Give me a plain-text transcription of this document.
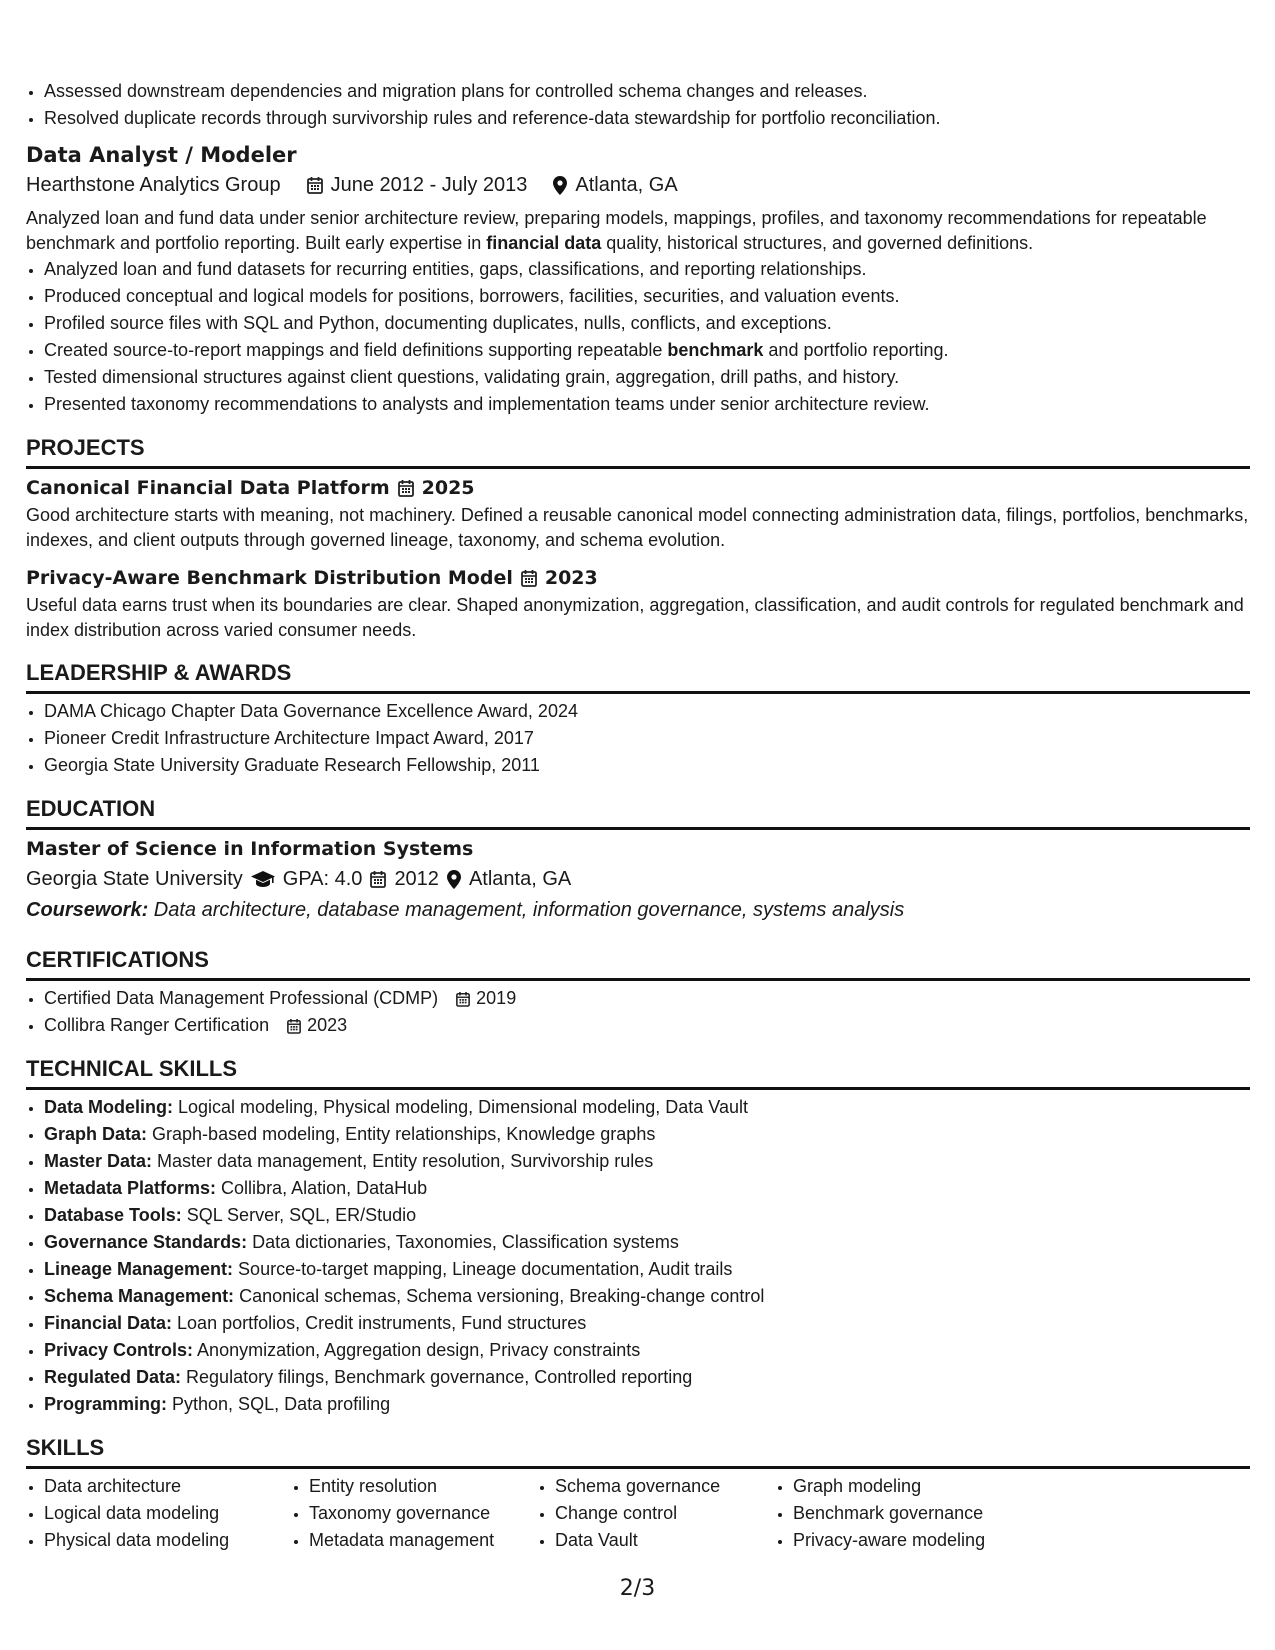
• Assessed downstream dependencies and migration plans for controlled schema changes and releases.
• Resolved duplicate records through survivorship rules and reference-data stewardship for portfolio reconciliation.
Data Analyst / Modeler
Hearthstone Analytics Group	June 2012 - July 2013 Atlanta, GA
Analyzed loan and fund data under senior architecture review, preparing models, mappings, profiles, and taxonomy recommendations for repeatable benchmark and portfolio reporting. Built early expertise in financial data quality, historical structures, and governed definitions.
• Analyzed loan and fund datasets for recurring entities, gaps, classifications, and reporting relationships.
• Produced conceptual and logical models for positions, borrowers, facilities, securities, and valuation events.
• Profiled source files with SQL and Python, documenting duplicates, nulls, conflicts, and exceptions.
• Created source-to-report mappings and field definitions supporting repeatable benchmark and portfolio reporting.
• Tested dimensional structures against client questions, validating grain, aggregation, drill paths, and history.
• Presented taxonomy recommendations to analysts and implementation teams under senior architecture review.
PROJECTS
Canonical Financial Data Platform 2025
Good architecture starts with meaning, not machinery. Defined a reusable canonical model connecting administration data, filings, portfolios, benchmarks, indexes, and client outputs through governed lineage, taxonomy, and schema evolution.
Privacy-Aware Benchmark Distribution Model 2023
Useful data earns trust when its boundaries are clear. Shaped anonymization, aggregation, classification, and audit controls for regulated benchmark and index distribution across varied consumer needs.
LEADERSHIP & AWARDS
• DAMA Chicago Chapter Data Governance Excellence Award, 2024
• Pioneer Credit Infrastructure Architecture Impact Award, 2017
• Georgia State University Graduate Research Fellowship, 2011
EDUCATION
Master of Science in Information Systems
Georgia State University GPA: 4.0 2012 Atlanta, GA
Coursework: Data architecture, database management, information governance, systems analysis
CERTIFICATIONS
• Certified Data Management Professional (CDMP) 2019
• Collibra Ranger Certification 2023
TECHNICAL SKILLS
• Data Modeling: Logical modeling, Physical modeling, Dimensional modeling, Data Vault
• Graph Data: Graph-based modeling, Entity relationships, Knowledge graphs
• Master Data: Master data management, Entity resolution, Survivorship rules
• Metadata Platforms: Collibra, Alation, DataHub
• Database Tools: SQL Server, SQL, ER/Studio
• Governance Standards: Data dictionaries, Taxonomies, Classification systems
• Lineage Management: Source-to-target mapping, Lineage documentation, Audit trails
• Schema Management: Canonical schemas, Schema versioning, Breaking-change control
• Financial Data: Loan portfolios, Credit instruments, Fund structures
• Privacy Controls: Anonymization, Aggregation design, Privacy constraints
• Regulated Data: Regulatory filings, Benchmark governance, Controlled reporting
• Programming: Python, SQL, Data profiling
SKILLS
• Data architecture
• Logical data modeling
• Physical data modeling
• Entity resolution
• Taxonomy governance
• Metadata management
• Schema governance
• Change control
• Data Vault
• Graph modeling
• Benchmark governance
• Privacy-aware modeling
2/3
